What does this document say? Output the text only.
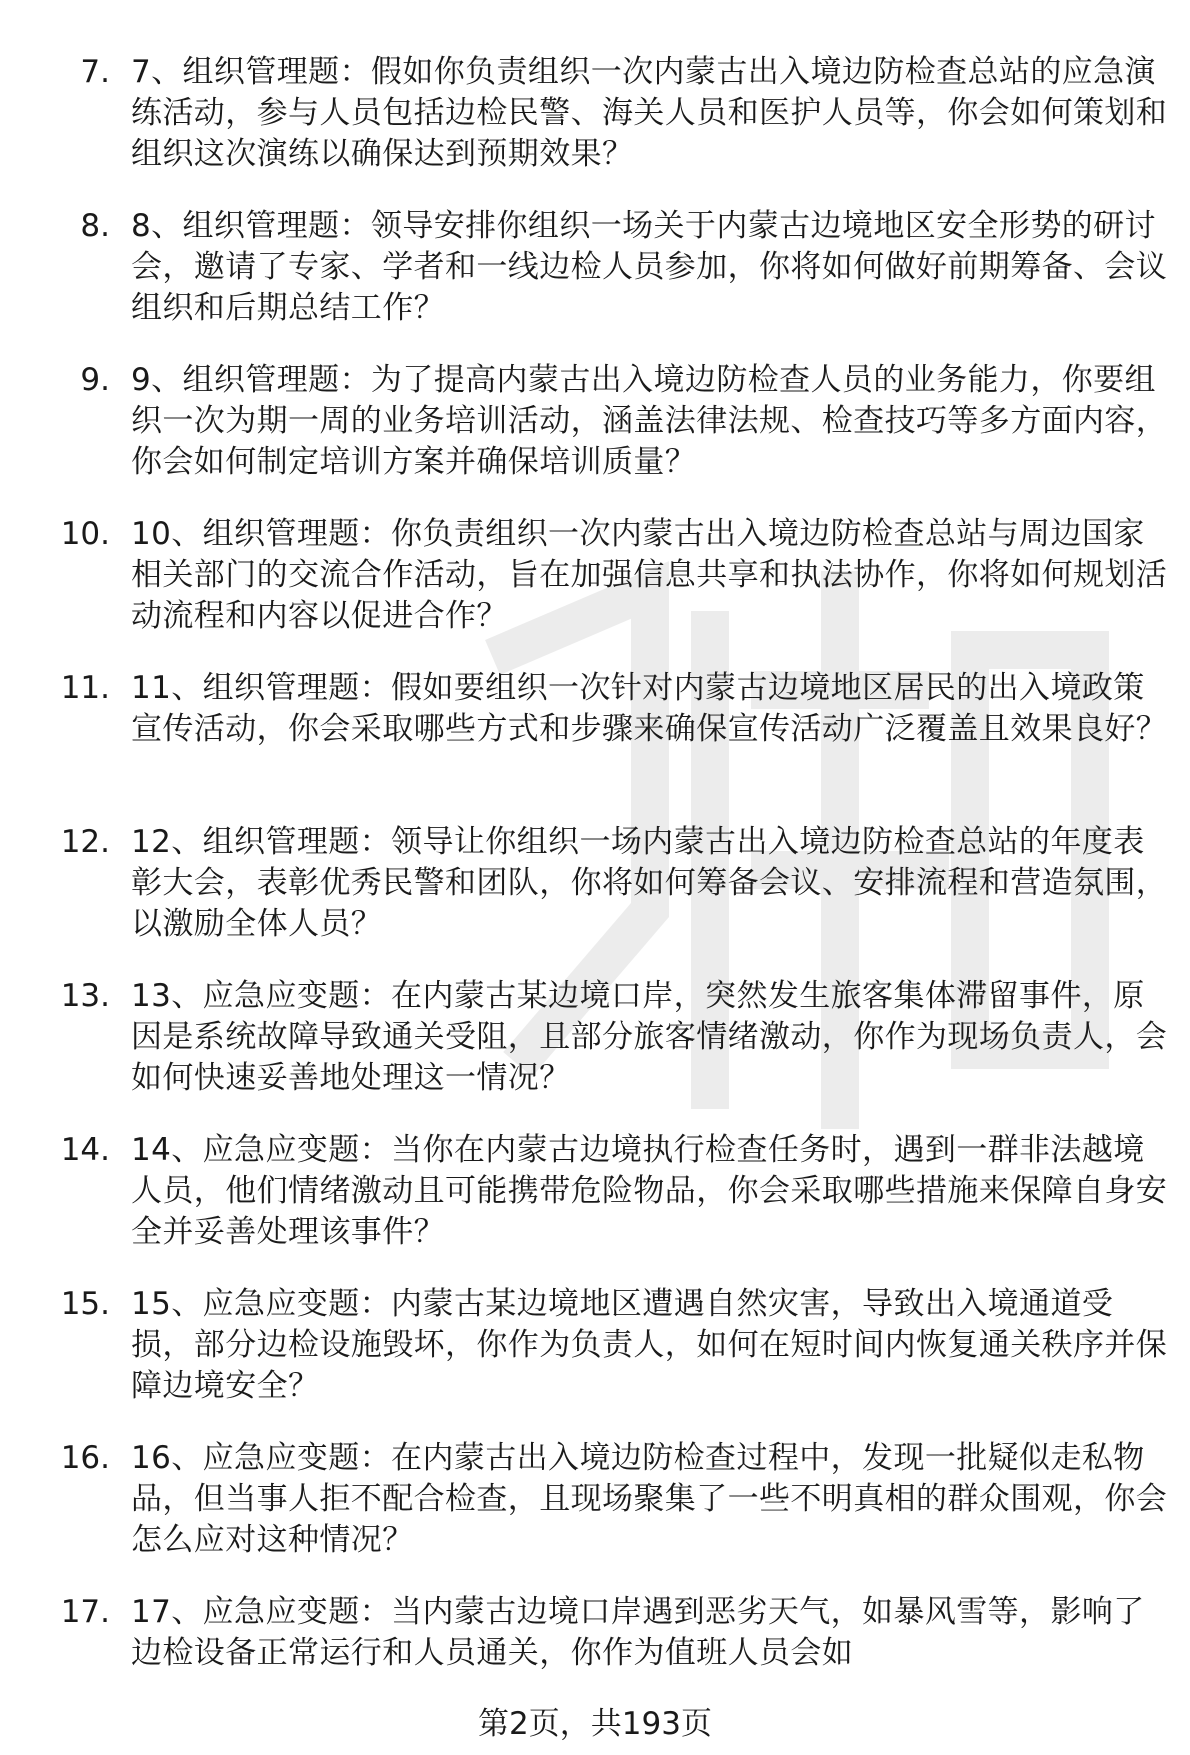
7. 7、组织管理题：假如你负责组织一次内蒙古出入境边防检查总站的应急演练活动，参与人员包括边检民警、海关人员和医护人员等，你会如何策划和组织这次演练以确保达到预期效果？
8. 8、组织管理题：领导安排你组织一场关于内蒙古边境地区安全形势的研讨会，邀请了专家、学者和一线边检人员参加，你将如何做好前期筹备、会议组织和后期总结工作？
9. 9、组织管理题：为了提高内蒙古出入境边防检查人员的业务能力，你要组织一次为期一周的业务培训活动，涵盖法律法规、检查技巧等多方面内容，你会如何制定培训方案并确保培训质量？
10. 10、组织管理题：你负责组织一次内蒙古出入境边防检查总站与周边国家相关部门的交流合作活动，旨在加强信息共享和执法协作，你将如何规划活动流程和内容以促进合作？
11. 11、组织管理题：假如要组织一次针对内蒙古边境地区居民的出入境政策宣传活动，你会采取哪些方式和步骤来确保宣传活动广泛覆盖且效果良好？
12. 12、组织管理题：领导让你组织一场内蒙古出入境边防检查总站的年度表彰大会，表彰优秀民警和团队，你将如何筹备会议、安排流程和营造氛围，以激励全体人员？
13. 13、应急应变题：在内蒙古某边境口岸，突然发生旅客集体滞留事件，原因是系统故障导致通关受阻，且部分旅客情绪激动，你作为现场负责人，会如何快速妥善地处理这一情况？
14. 14、应急应变题：当你在内蒙古边境执行检查任务时，遇到一群非法越境人员，他们情绪激动且可能携带危险物品，你会采取哪些措施来保障自身安全并妥善处理该事件？
15. 15、应急应变题：内蒙古某边境地区遭遇自然灾害，导致出入境通道受损，部分边检设施毁坏，你作为负责人，如何在短时间内恢复通关秩序并保障边境安全？
16. 16、应急应变题：在内蒙古出入境边防检查过程中，发现一批疑似走私物品，但当事人拒不配合检查，且现场聚集了一些不明真相的群众围观，你会怎么应对这种情况？
17. 17、应急应变题：当内蒙古边境口岸遇到恶劣天气，如暴风雪等，影响了边检设备正常运行和人员通关，你作为值班人员会如
第2页，共193页
